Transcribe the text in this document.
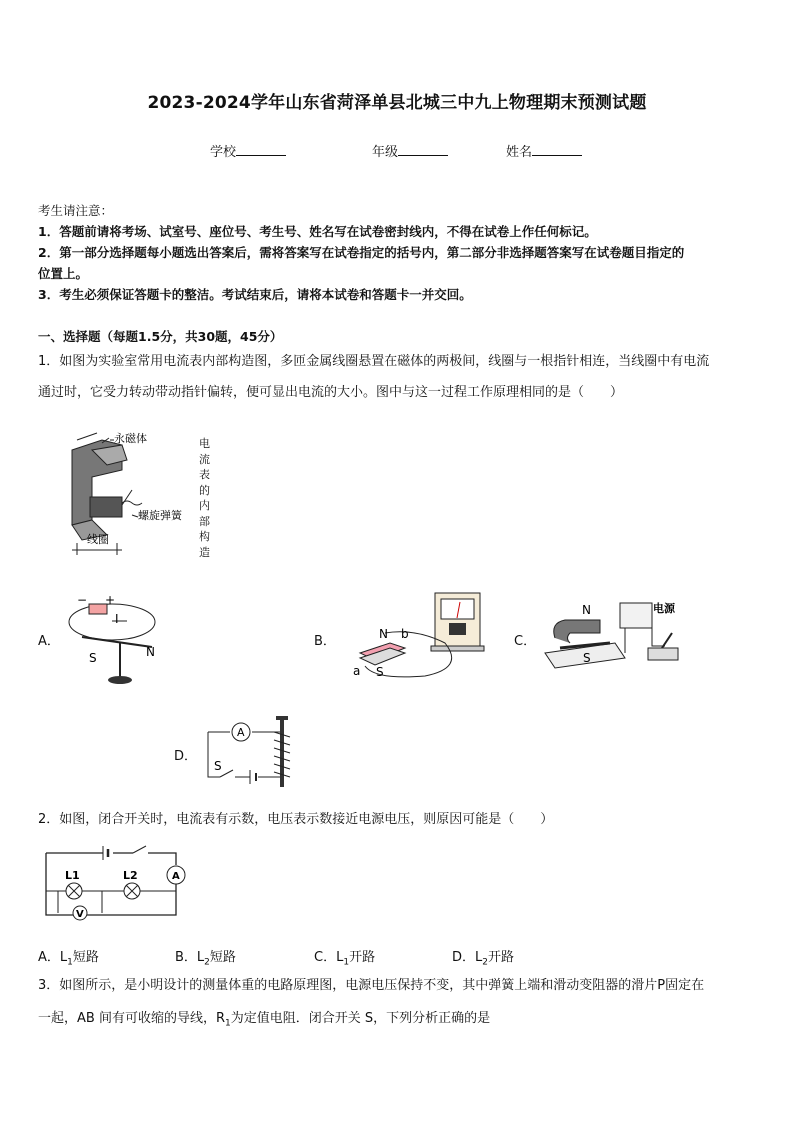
2023-2024学年山东省菏泽单县北城三中九上物理期末预测试题
学校	年级	姓名
考生请注意：
1．答题前请将考场、试室号、座位号、考生号、姓名写在试卷密封线内，不得在试卷上作任何标记。
2．第一部分选择题每小题选出答案后，需将答案写在试卷指定的括号内，第二部分非选择题答案写在试卷题目指定的
位置上。
3．考生必须保证答题卡的整洁。考试结束后，请将本试卷和答题卡一并交回。
一、选择题（每题1.5分，共30题，45分）
1．如图为实验室常用电流表内部构造图，多匝金属线圈悬置在磁体的两极间，线圈与一根指针相连，当线圈中有电流
通过时，它受力转动带动指针偏转，便可显出电流的大小。图中与这一过程工作原理相同的是（　　）
永磁体
螺旋弹簧
线圈
电
流
表
的
内
部
构
造
A．
− +
I
S	N
B．	N b
a S
C．
N
S
电源
D．
A
S
2．如图，闭合开关时，电流表有示数，电压表示数接近电源电压，则原因可能是（　　）
L1	L2	A
V
A．$L_1$短路	B．$L_2$短路	C．$L_1$开路	D．$L_2$开路
3．如图所示，是小明设计的测量体重的电路原理图，电源电压保持不变，其中弹簧上端和滑动变阻器的滑片P固定在
一起，AB 间有可收缩的导线，$R_1$为定值电阻．闭合开关 S，下列分析正确的是
